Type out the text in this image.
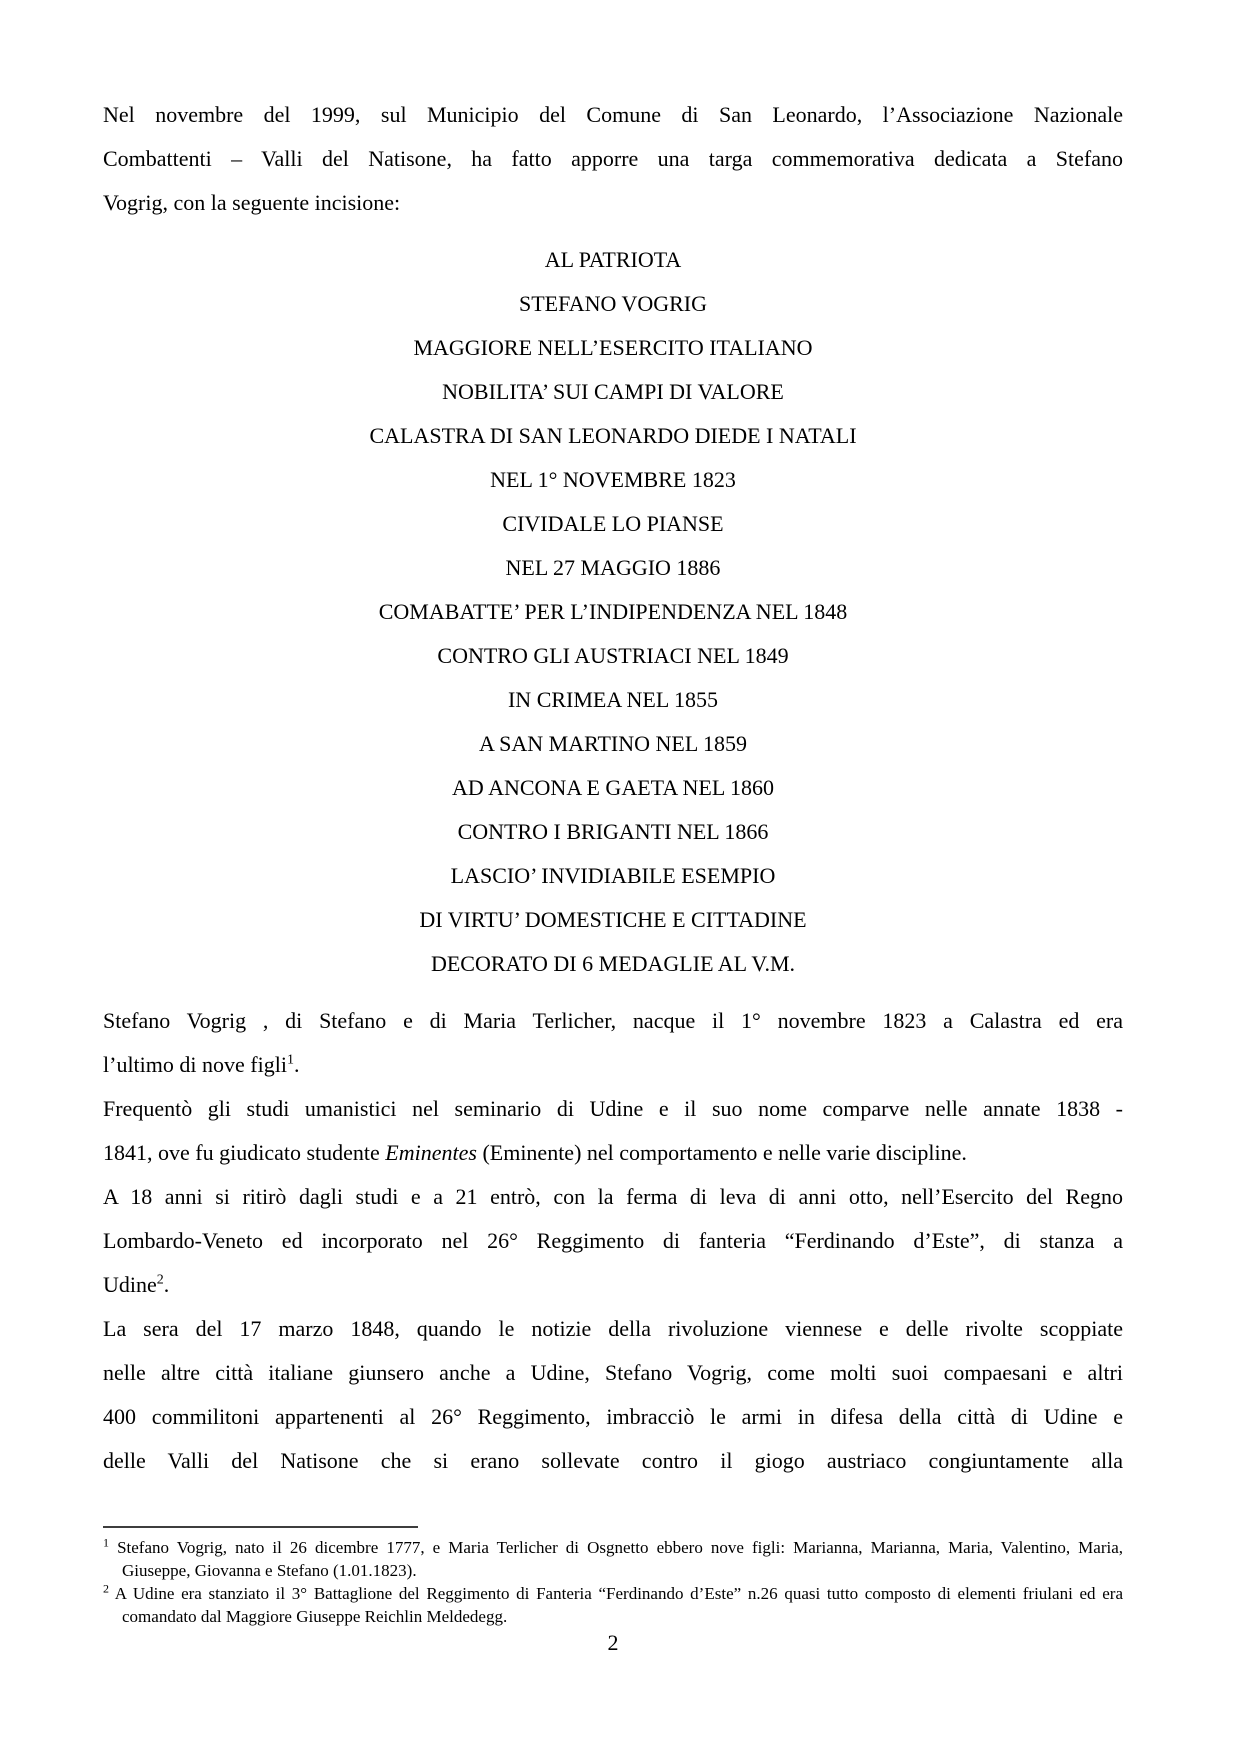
Nel novembre del 1999, sul Municipio del Comune di San Leonardo, l’Associazione Nazionale
Combattenti – Valli del Natisone, ha fatto apporre una targa commemorativa dedicata a Stefano
Vogrig, con la seguente incisione:
AL PATRIOTA
STEFANO VOGRIG
MAGGIORE NELL’ESERCITO ITALIANO
NOBILITA’ SUI CAMPI DI VALORE
CALASTRA DI SAN LEONARDO DIEDE I NATALI
NEL 1° NOVEMBRE 1823
CIVIDALE LO PIANSE
NEL 27 MAGGIO 1886
COMABATTE’ PER L’INDIPENDENZA NEL 1848
CONTRO GLI AUSTRIACI NEL 1849
IN CRIMEA NEL 1855
A SAN MARTINO NEL 1859
AD ANCONA E GAETA NEL 1860
CONTRO I BRIGANTI NEL 1866
LASCIO’ INVIDIABILE ESEMPIO
DI VIRTU’ DOMESTICHE E CITTADINE
DECORATO DI 6 MEDAGLIE AL V.M.
Stefano Vogrig , di Stefano e di Maria Terlicher, nacque il 1° novembre 1823 a Calastra ed era
l’ultimo di nove figli$^1$.
Frequentò gli studi umanistici nel seminario di Udine e il suo nome comparve nelle annate 1838 -
1841, ove fu giudicato studente Eminentes (Eminente) nel comportamento e nelle varie discipline.
A 18 anni si ritirò dagli studi e a 21 entrò, con la ferma di leva di anni otto, nell’Esercito del Regno
Lombardo-Veneto ed incorporato nel 26° Reggimento di fanteria “Ferdinando d’Este”, di stanza a
Udine$^2$.
La sera del 17 marzo 1848, quando le notizie della rivoluzione viennese e delle rivolte scoppiate
nelle altre città italiane giunsero anche a Udine, Stefano Vogrig, come molti suoi compaesani e altri
400 commilitoni appartenenti al 26° Reggimento, imbracciò le armi in difesa della città di Udine e
delle Valli del Natisone che si erano sollevate contro il giogo austriaco congiuntamente alla
$^1$ Stefano Vogrig, nato il 26 dicembre 1777, e Maria Terlicher di Osgnetto ebbero nove figli: Marianna, Marianna, Maria, Valentino, Maria,
Giuseppe, Giovanna e Stefano (1.01.1823).
$^2$ A Udine era stanziato il 3° Battaglione del Reggimento di Fanteria “Ferdinando d’Este” n.26 quasi tutto composto di elementi friulani ed era
comandato dal Maggiore Giuseppe Reichlin Meldedegg.
2
